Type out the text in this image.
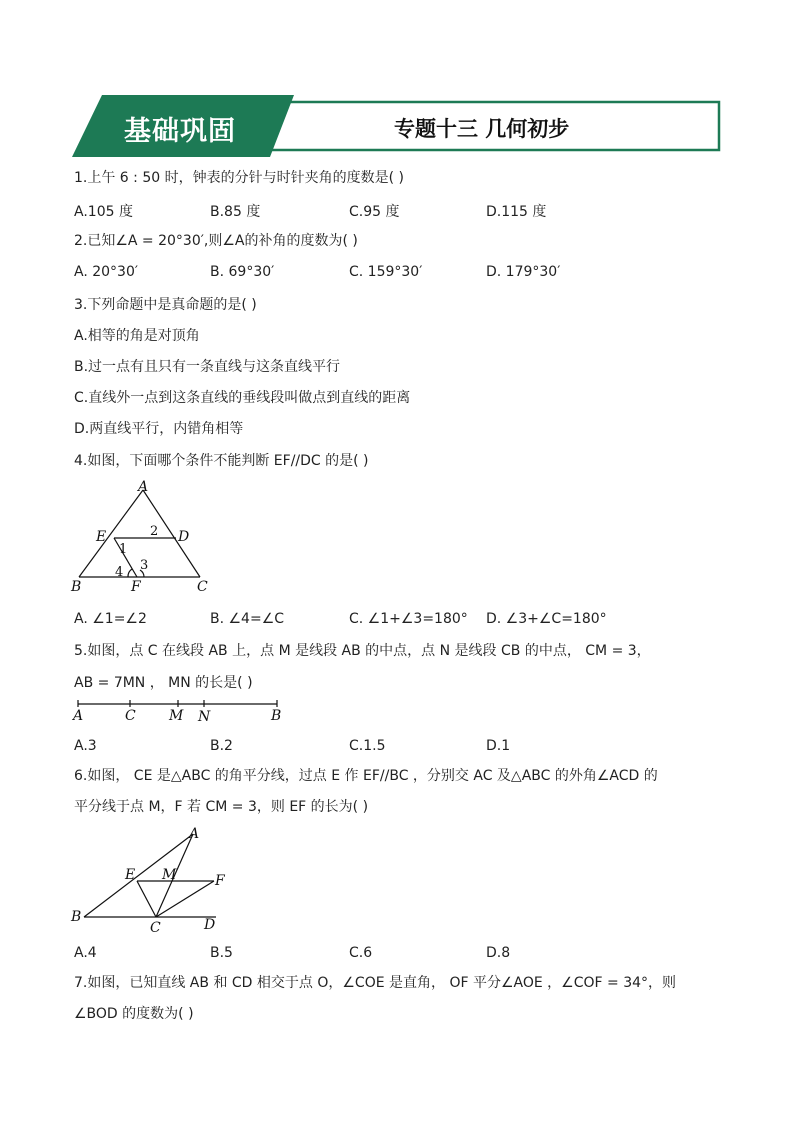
基础巩固	专题十三 几何初步
1.上午 6 : 50 时，钟表的分针与时针夹角的度数是( )
A.105 度	B.85 度	C.95 度	D.115 度
2.已知∠A = 20°30′,则∠A的补角的度数为( )
A. 20°30′	B. 69°30′	C. 159°30′	D. 179°30′
3.下列命题中是真命题的是( )
A.相等的角是对顶角
B.过一点有且只有一条直线与这条直线平行
C.直线外一点到这条直线的垂线段叫做点到直线的距离
D.两直线平行，内错角相等
4.如图，下面哪个条件不能判断 EF//DC 的是( )
A
E	D
B	F	C
1
2
3
4
A. ∠1=∠2	B. ∠4=∠C	C. ∠1+∠3=180° D. ∠3+∠C=180°
5.如图，点 C 在线段 AB 上，点 M 是线段 AB 的中点，点 N 是线段 CB 的中点， CM = 3，
AB = 7MN ， MN 的长是( )
A	C M N	B
A.3	B.2	C.1.5	D.1
6.如图， CE 是△ABC 的角平分线，过点 E 作 EF//BC ，分别交 AC 及△ABC 的外角∠ACD 的
平分线于点 M，F 若 CM = 3，则 EF 的长为( )
A
E M	F
B
C	D
A.4	B.5	C.6	D.8
7.如图，已知直线 AB 和 CD 相交于点 O，∠COE 是直角， OF 平分∠AOE ，∠COF = 34°，则
∠BOD 的度数为( )
